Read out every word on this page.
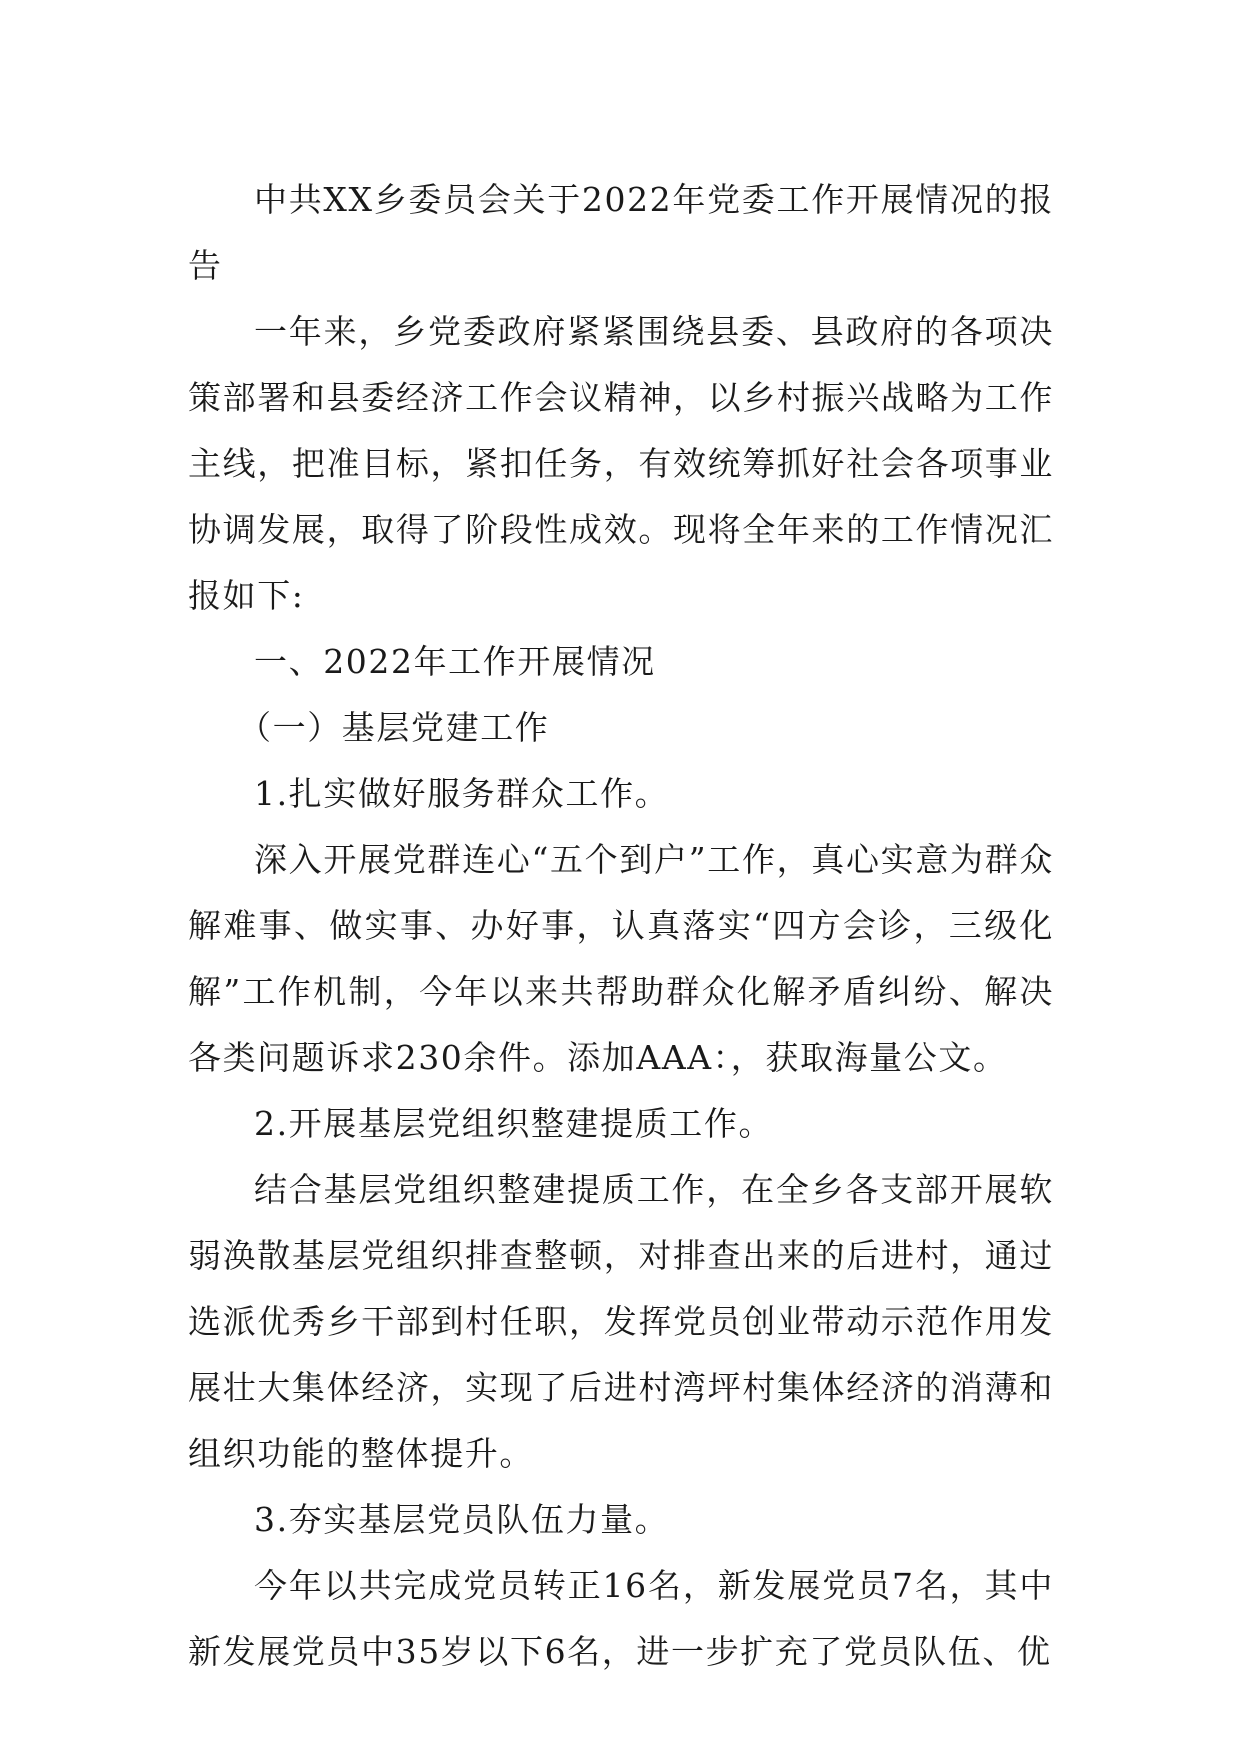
中共XX乡委员会关于2022年党委工作开展情况的报告

一年来，乡党委政府紧紧围绕县委、县政府的各项决策部署和县委经济工作会议精神，以乡村振兴战略为工作主线，把准目标，紧扣任务，有效统筹抓好社会各项事业协调发展，取得了阶段性成效。现将全年来的工作情况汇报如下:

一、2022年工作开展情况

（一）基层党建工作

1.扎实做好服务群众工作。

深入开展党群连心“五个到户”工作，真心实意为群众解难事、做实事、办好事，认真落实“四方会诊，三级化解”工作机制，今年以来共帮助群众化解矛盾纠纷、解决各类问题诉求230余件。添加AAA：，获取海量公文。

2.开展基层党组织整建提质工作。

结合基层党组织整建提质工作，在全乡各支部开展软弱涣散基层党组织排查整顿，对排查出来的后进村，通过选派优秀乡干部到村任职，发挥党员创业带动示范作用发展壮大集体经济，实现了后进村湾坪村集体经济的消薄和组织功能的整体提升。

3.夯实基层党员队伍力量。

今年以共完成党员转正16名，新发展党员7名，其中新发展党员中35岁以下6名，进一步扩充了党员队伍、优
